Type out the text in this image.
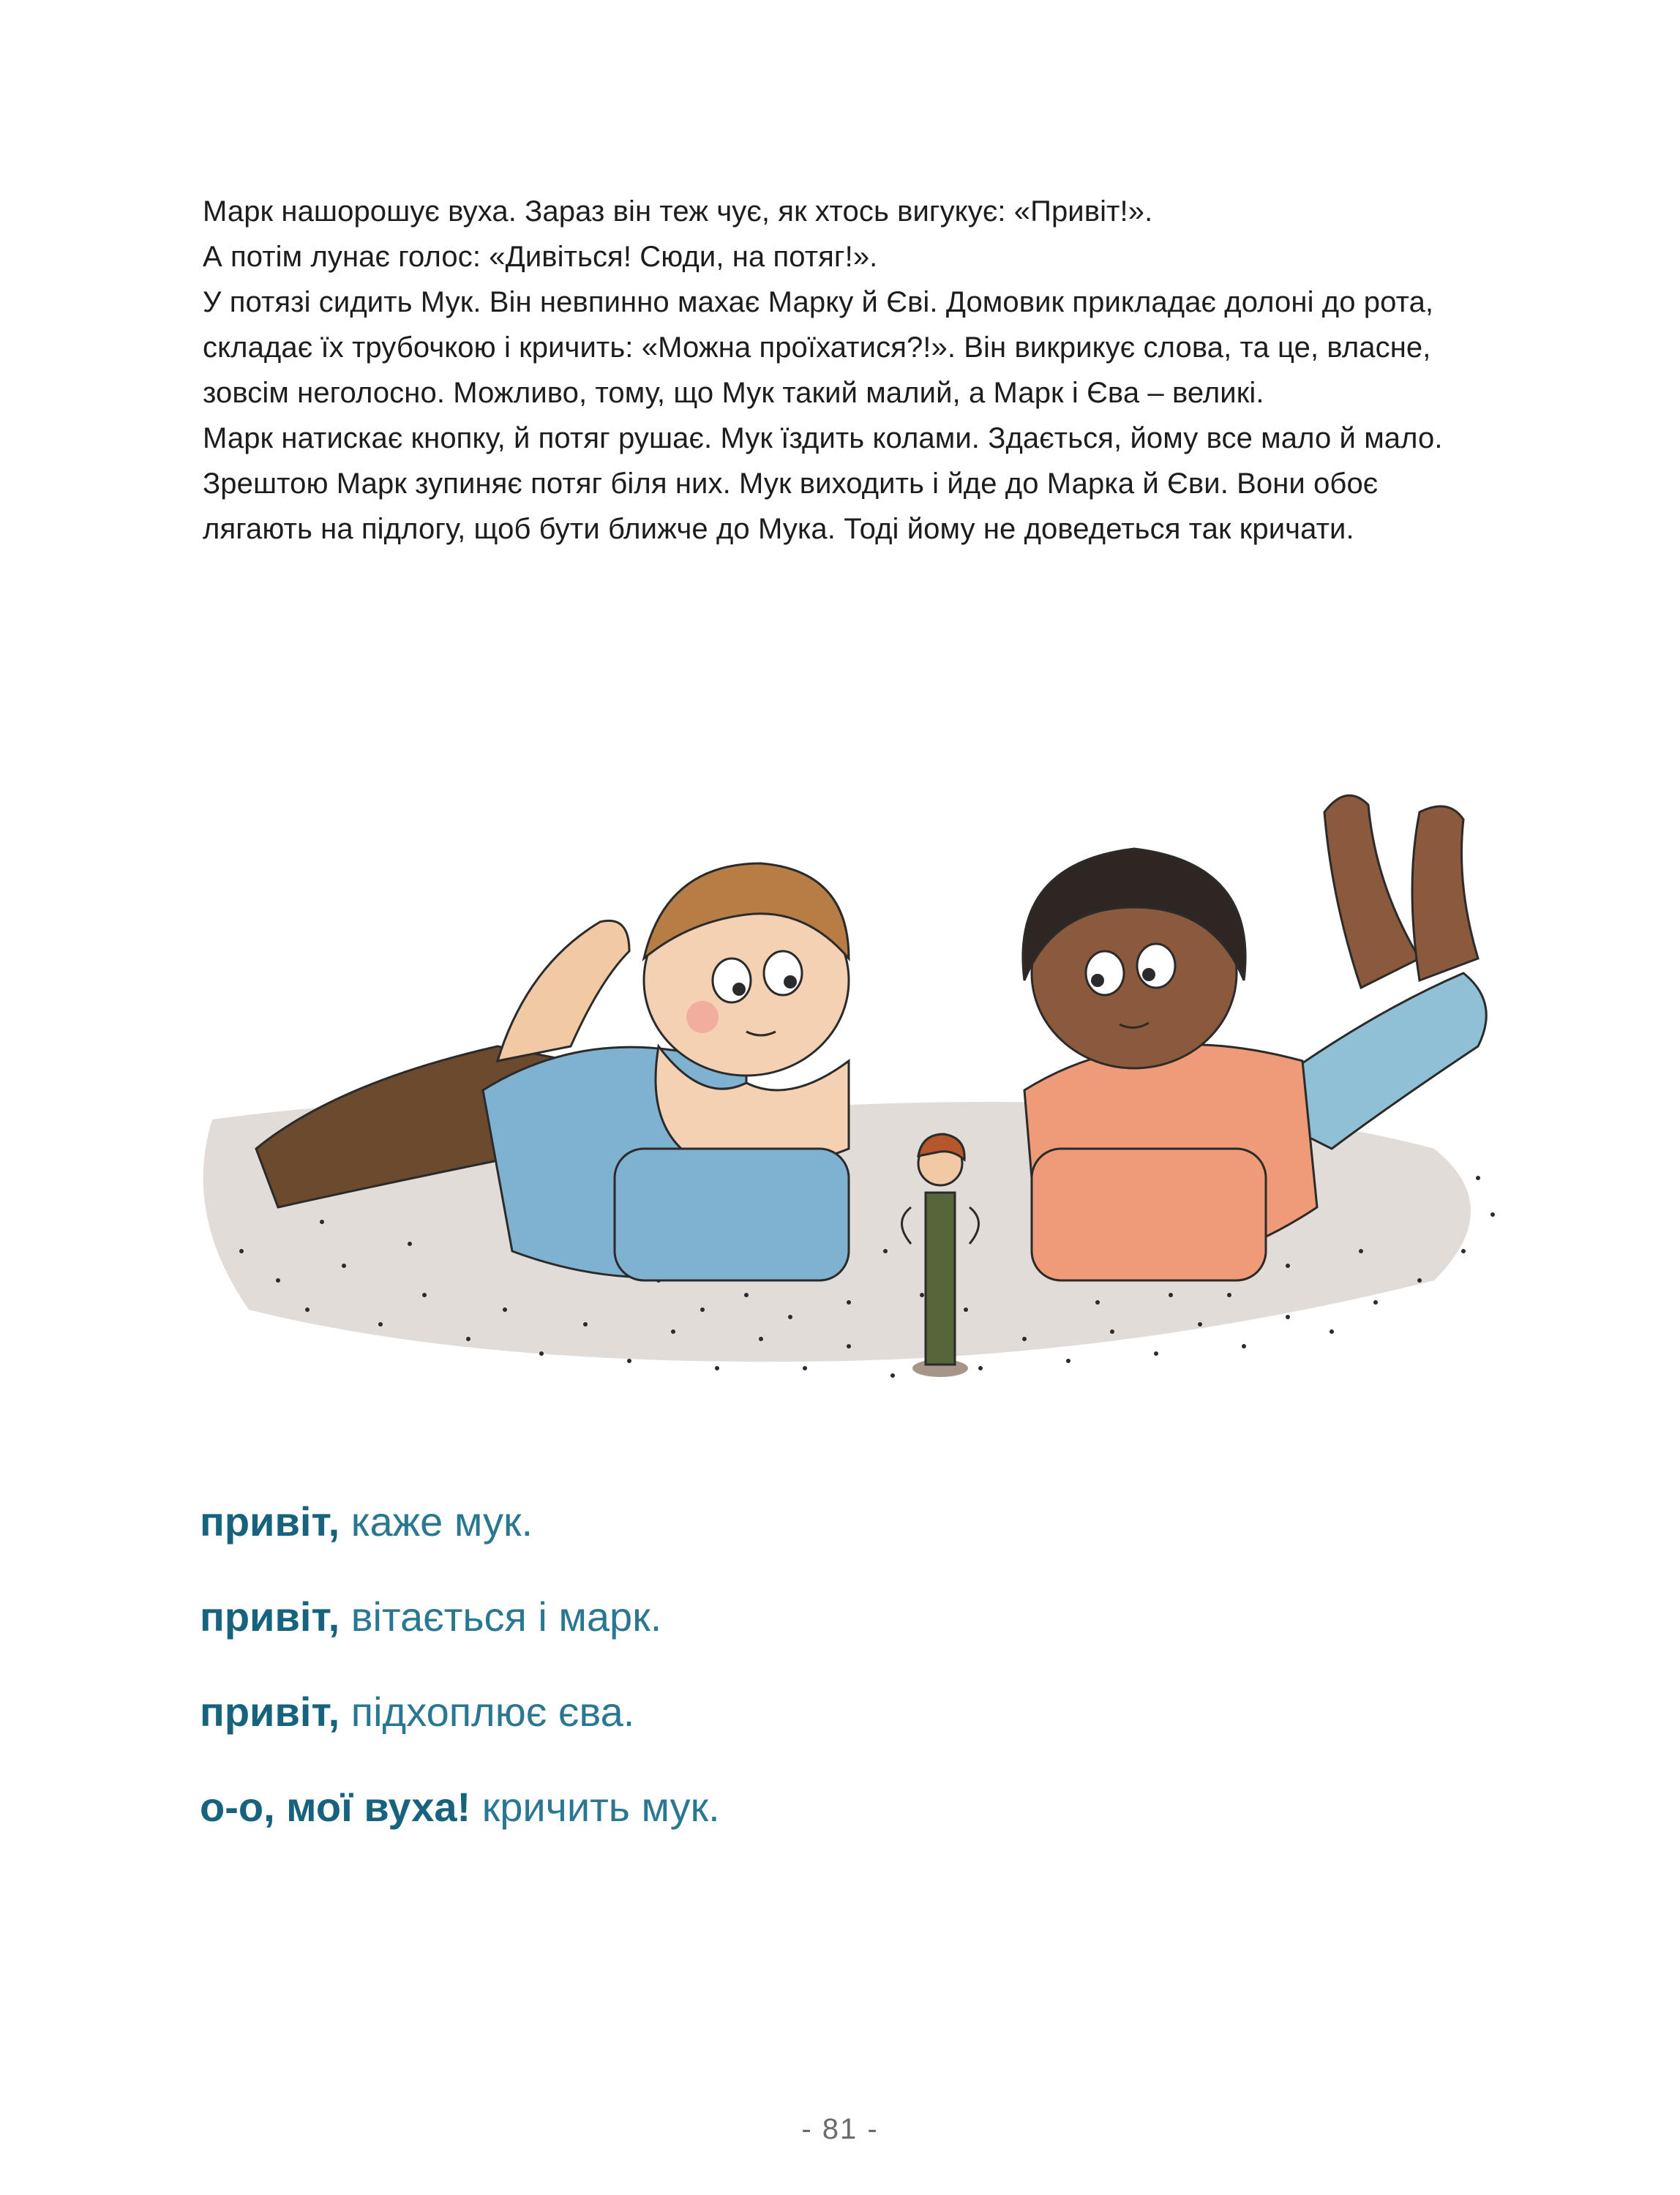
Марк нашорошує вуха. Зараз він теж чує, як хтось вигукує: «Привіт!».

А потім лунає голос: «Дивіться! Сюди, на потяг!».

У потязі сидить Мук. Він невпинно махає Марку й Єві. Домовик прикладає долоні до рота,

складає їх трубочкою і кричить: «Можна проїхатися?!». Він викрикує слова, та це, власне,

зовсім неголосно. Можливо, тому, що Мук такий малий, а Марк і Єва – великі.

Марк натискає кнопку, й потяг рушає. Мук їздить колами. Здається, йому все мало й мало.

Зрештою Марк зупиняє потяг біля них. Мук виходить і йде до Марка й Єви. Вони обоє

лягають на підлогу, щоб бути ближче до Мука. Тоді йому не доведеться так кричати.

привіт, каже мук.
привіт, вітається і марк.
привіт, підхоплює єва.
о-о, мої вуха! кричить мук.
- 81 -
